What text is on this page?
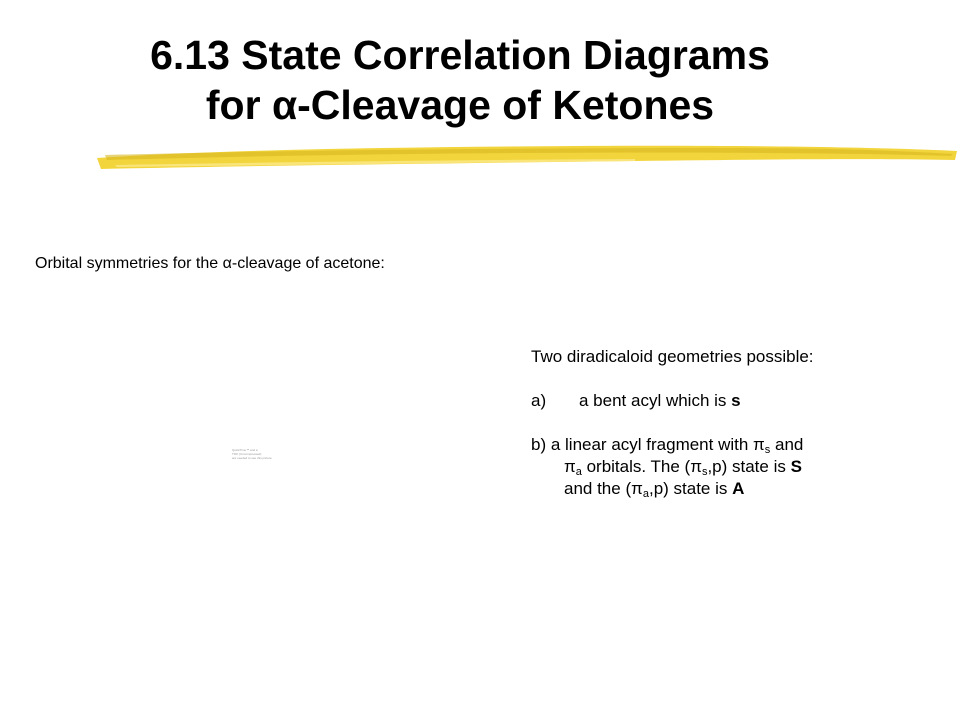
6.13 State Correlation Diagrams
for α-Cleavage of Ketones
Orbital symmetries for the α-cleavage of acetone:
QuickTime™ and a
TIFF (Uncompressed)
are needed to see this picture.
Two diradicaloid geometries possible:
a) a bent acyl which is s
b) a linear acyl fragment with $\pi_s$ and
$\pi_a$ orbitals. The $(\pi_s,p)$ state is S
and the $(\pi_a,p)$ state is A
